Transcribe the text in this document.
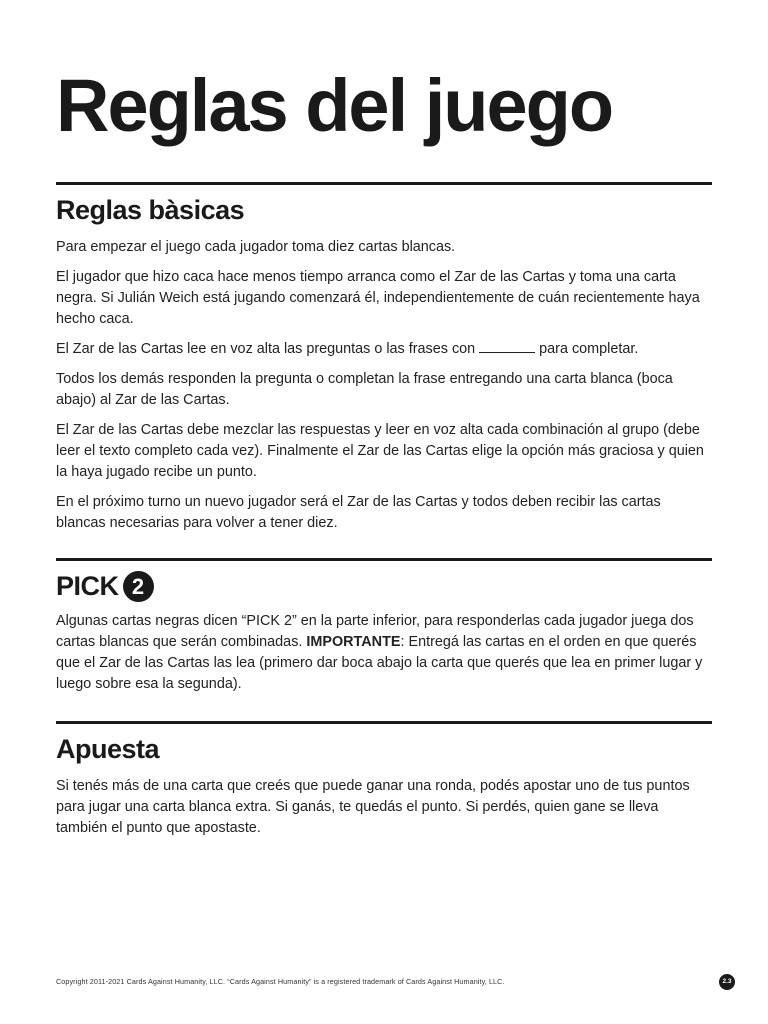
Reglas del juego
Reglas bàsicas

Para empezar el juego cada jugador toma diez cartas blancas.

El jugador que hizo caca hace menos tiempo arranca como el Zar de las Cartas y toma una carta negra. Si Julián Weich está jugando comenzará él, independientemente de cuán recientemente haya hecho caca.

El Zar de las Cartas lee en voz alta las preguntas o las frases con	para completar.

Todos los demás responden la pregunta o completan la frase entregando una carta blanca (boca abajo) al Zar de las Cartas.

El Zar de las Cartas debe mezclar las respuestas y leer en voz alta cada combinación al grupo (debe leer el texto completo cada vez). Finalmente el Zar de las Cartas elige la opción más graciosa y quien la haya jugado recibe un punto.

En el próximo turno un nuevo jugador será el Zar de las Cartas y todos deben recibir las cartas blancas necesarias para volver a tener diez.

PICK 2

Algunas cartas negras dicen “PICK 2” en la parte inferior, para responderlas cada jugador juega dos cartas blancas que serán combinadas. IMPORTANTE: Entregá las cartas en el orden en que querés que el Zar de las Cartas las lea (primero dar boca abajo la carta que querés que lea en primer lugar y luego sobre esa la segunda).

Apuesta

Si tenés más de una carta que creés que puede ganar una ronda, podés apostar uno de tus puntos para jugar una carta blanca extra. Si ganás, te quedás el punto. Si perdés, quien gane se lleva también el punto que apostaste.

Copyright 2011-2021 Cards Against Humanity, LLC. “Cards Against Humanity” is a registered trademark of Cards Against Humanity, LLC.	2.3
